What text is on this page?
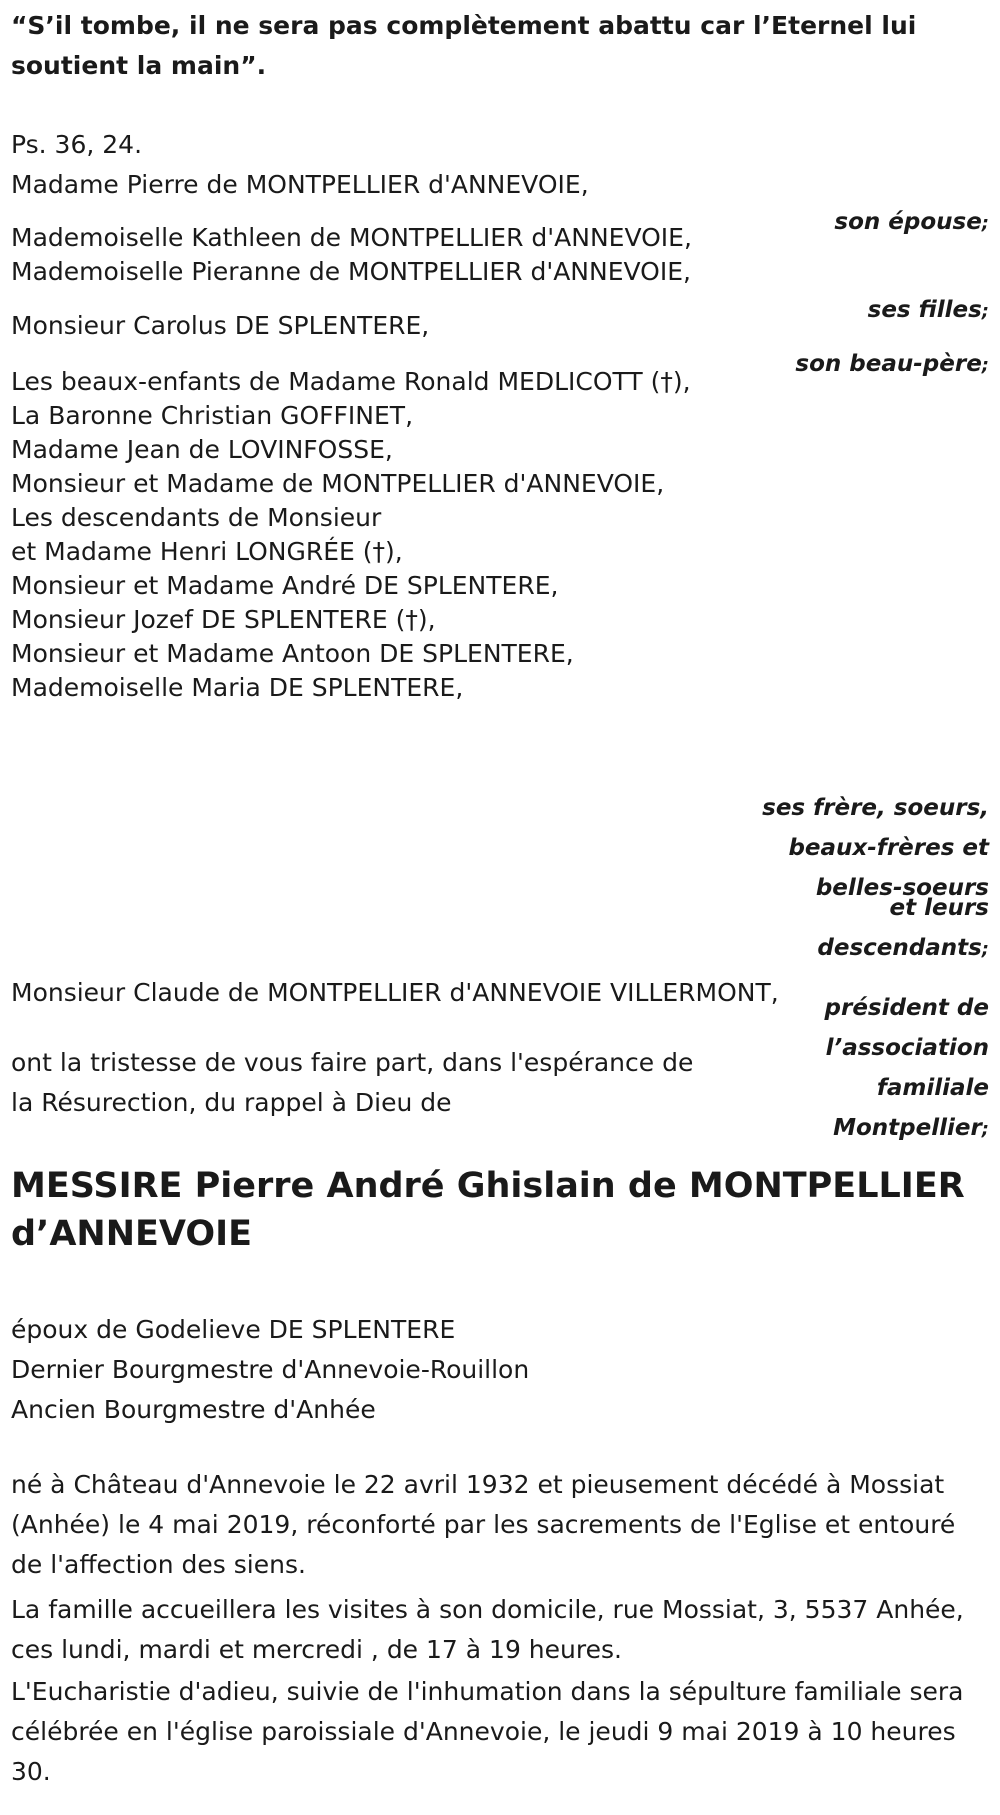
“S’il tombe, il ne sera pas complètement abattu car l’Eternel lui soutient la main”.

Ps. 36, 24.
Madame Pierre de MONTPELLIER d'ANNEVOIE,
son épouse;
Mademoiselle Kathleen de MONTPELLIER d'ANNEVOIE,
Mademoiselle Pieranne de MONTPELLIER d'ANNEVOIE,
ses filles;
Monsieur Carolus DE SPLENTERE,
son beau-père;
Les beaux-enfants de Madame Ronald MEDLICOTT (†),
La Baronne Christian GOFFINET,
Madame Jean de LOVINFOSSE,
Monsieur et Madame de MONTPELLIER d'ANNEVOIE,
Les descendants de Monsieur
et Madame Henri LONGRÉE (†),
Monsieur et Madame André DE SPLENTERE,
Monsieur Jozef DE SPLENTERE (†),
Monsieur et Madame Antoon DE SPLENTERE,
Mademoiselle Maria DE SPLENTERE,
ses frère, soeurs,
beaux-frères et
belles-soeurs
et leurs
descendants;
Monsieur Claude de MONTPELLIER d'ANNEVOIE VILLERMONT,
président de
l’association
familiale
Montpellier;
ont la tristesse de vous faire part, dans l'espérance de
la Résurection, du rappel à Dieu de
MESSIRE Pierre André Ghislain de MONTPELLIER d’ANNEVOIE
époux de Godelieve DE SPLENTERE
Dernier Bourgmestre d'Annevoie-Rouillon
Ancien Bourgmestre d'Anhée

né à Château d'Annevoie le 22 avril 1932 et pieusement décédé à Mossiat (Anhée) le 4 mai 2019, réconforté par les sacrements de l'Eglise et entouré de l'affection des siens.

La famille accueillera les visites à son domicile, rue Mossiat, 3, 5537 Anhée, ces lundi, mardi et mercredi , de 17 à 19 heures.

L'Eucharistie d'adieu, suivie de l'inhumation dans la sépulture familiale sera célébrée en l'église paroissiale d'Annevoie, le jeudi 9 mai 2019 à 10 heures 30.
